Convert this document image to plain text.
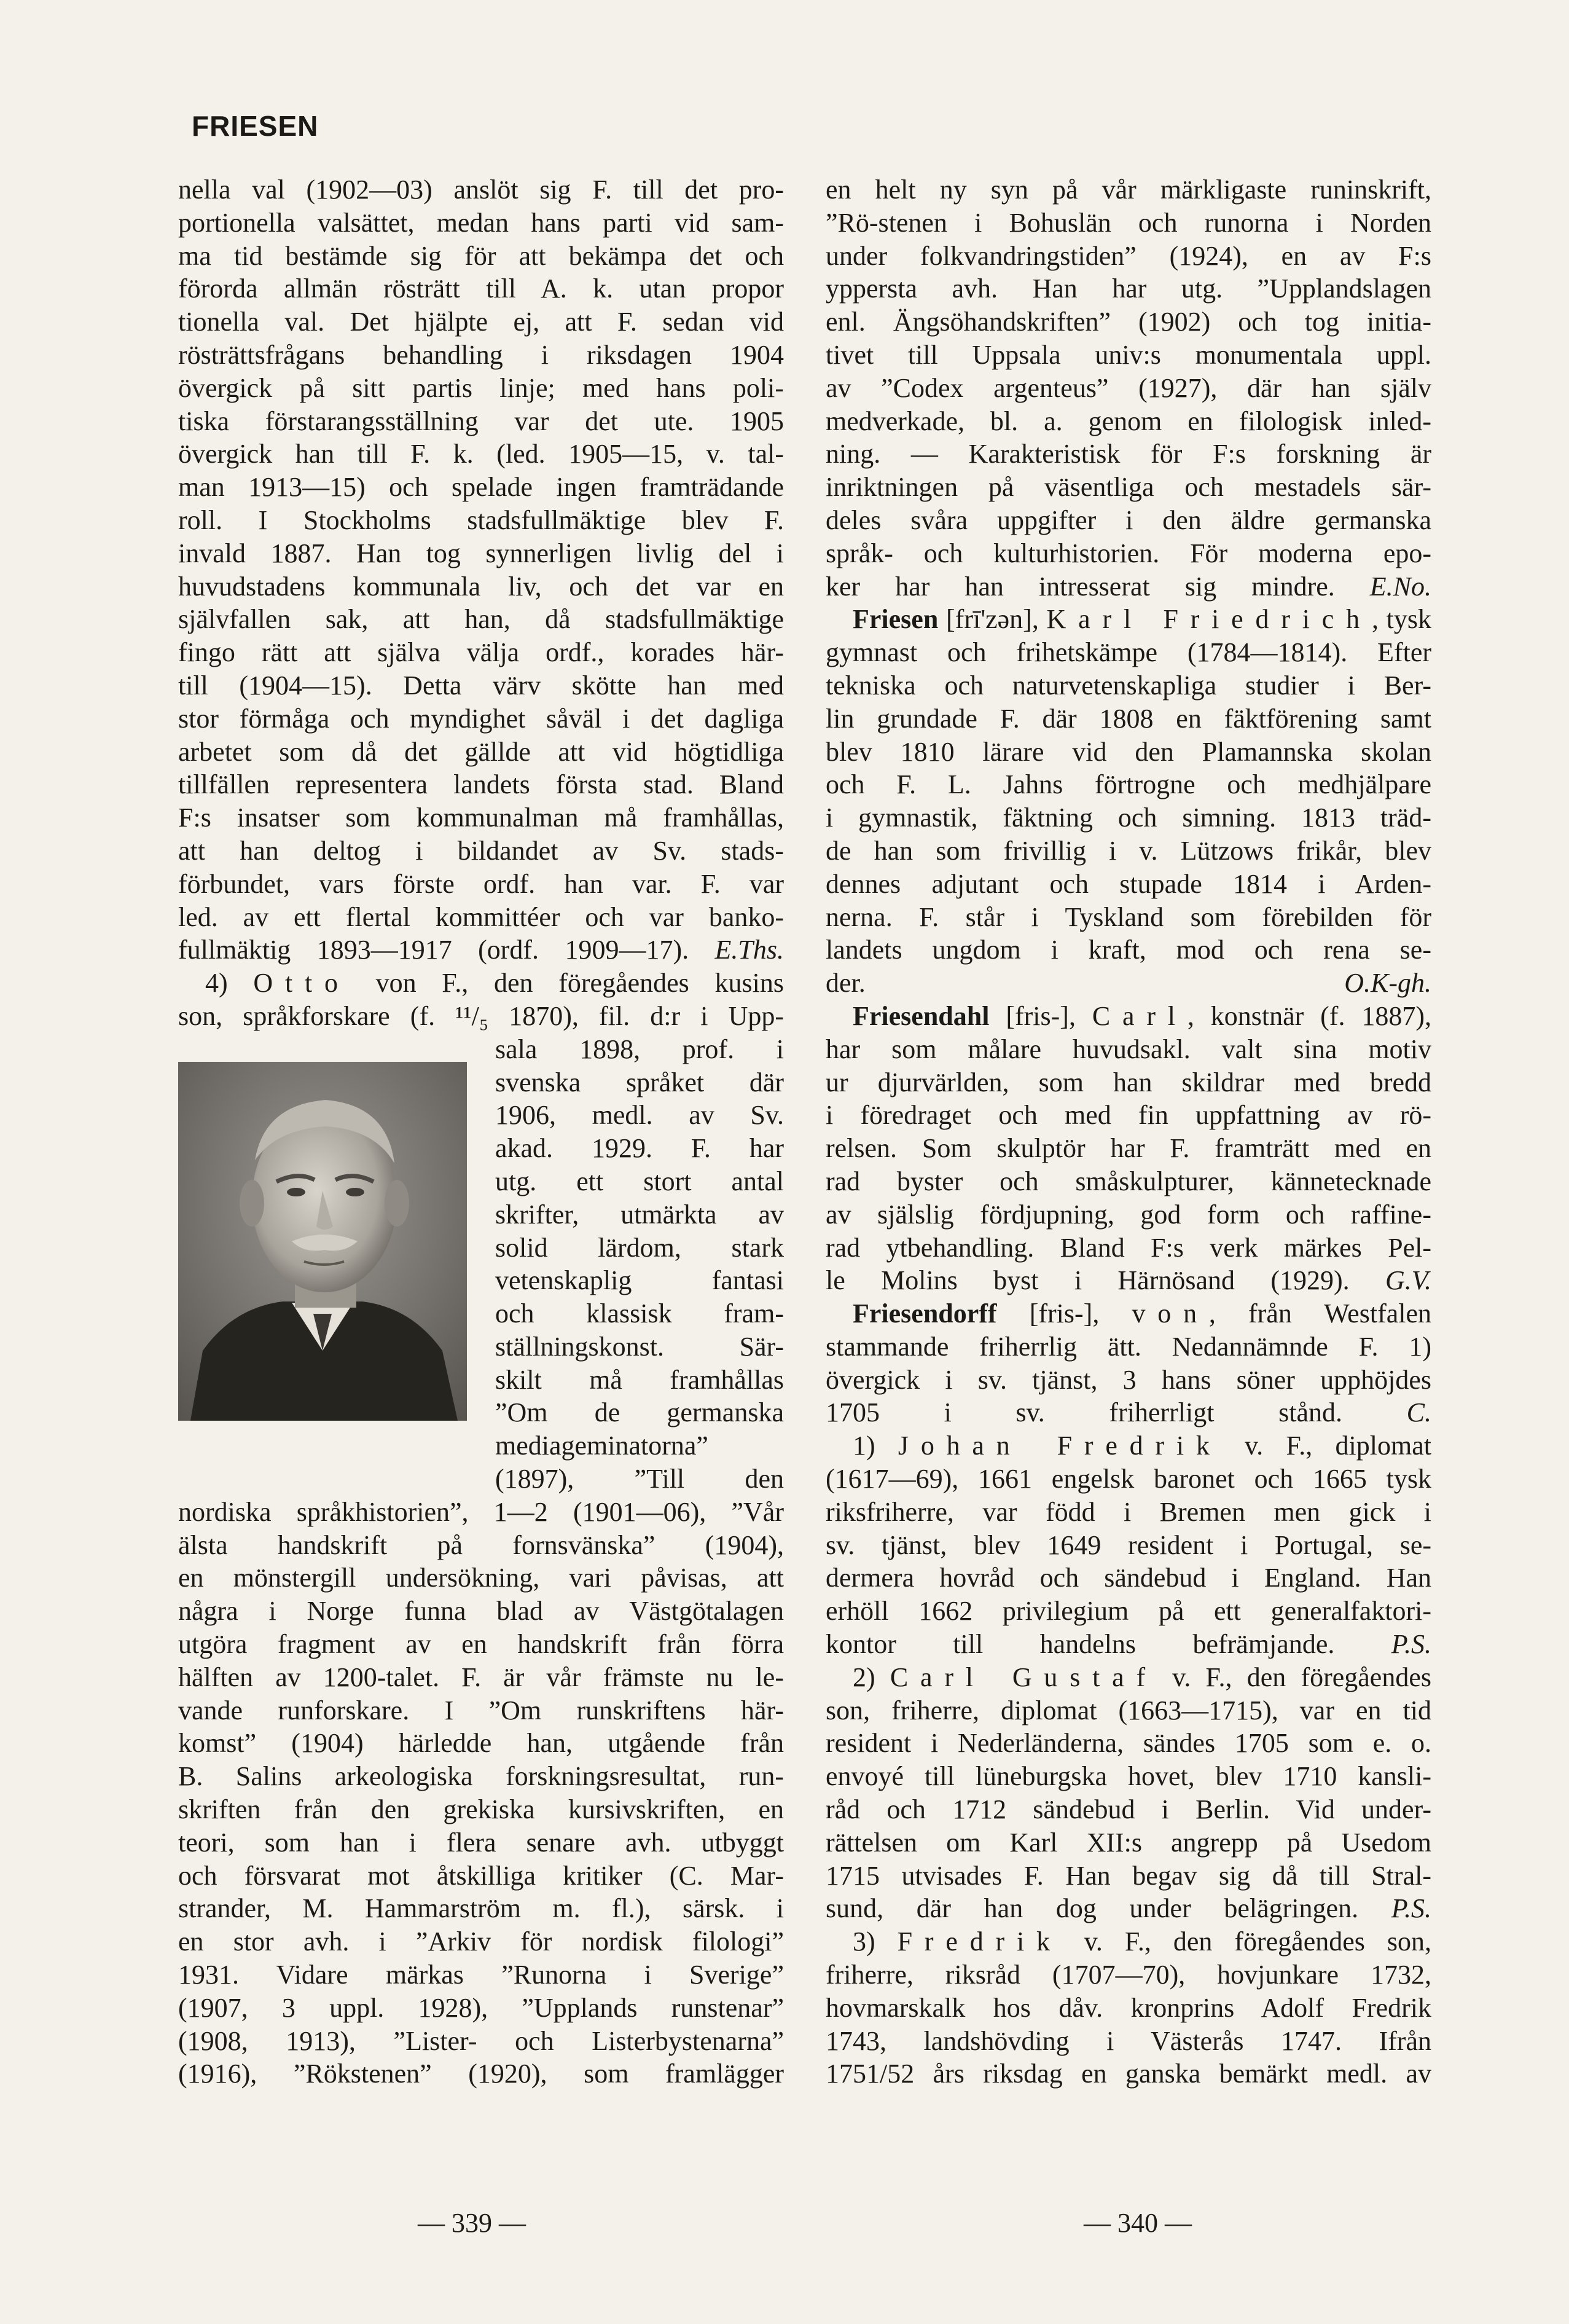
FRIESEN
nella val (1902—03) anslöt sig F. till det pro-
portionella valsättet, medan hans parti vid sam-
ma tid bestämde sig för att bekämpa det och
förorda allmän rösträtt till A. k. utan propor
tionella val. Det hjälpte ej, att F. sedan vid
rösträttsfrågans behandling i riksdagen 1904
övergick på sitt partis linje; med hans poli-
tiska förstarangsställning var det ute. 1905
övergick han till F. k. (led. 1905—15, v. tal-
man 1913—15) och spelade ingen framträdande
roll. I Stockholms stadsfullmäktige blev F.
invald 1887. Han tog synnerligen livlig del i
huvudstadens kommunala liv, och det var en
självfallen sak, att han, då stadsfullmäktige
fingo rätt att själva välja ordf., korades här-
till (1904—15). Detta värv skötte han med
stor förmåga och myndighet såväl i det dagliga
arbetet som då det gällde att vid högtidliga
tillfällen representera landets första stad. Bland
F:s insatser som kommunalman må framhållas,
att han deltog i bildandet av Sv. stads-
förbundet, vars förste ordf. han var. F. var
led. av ett flertal kommittéer och var banko-
fullmäktig 1893—1917 (ordf. 1909—17). E.Ths.
4) Otto von F., den föregåendes kusins
son, språkforskare (f. ¹¹/₅ 1870), fil. d:r i Upp-
sala 1898, prof. i
svenska språket där
1906, medl. av Sv.
akad. 1929. F. har
utg. ett stort antal
skrifter, utmärkta av
solid lärdom, stark
vetenskaplig fantasi
och klassisk fram-
ställningskonst. Sär-
skilt må framhållas
”Om de germanska
mediageminatorna”
(1897), ”Till den
nordiska språkhistorien”, 1—2 (1901—06), ”Vår
älsta handskrift på fornsvänska” (1904),
en mönstergill undersökning, vari påvisas, att
några i Norge funna blad av Västgötalagen
utgöra fragment av en handskrift från förra
hälften av 1200-talet. F. är vår främste nu le-
vande runforskare. I ”Om runskriftens här-
komst” (1904) härledde han, utgående från
B. Salins arkeologiska forskningsresultat, run-
skriften från den grekiska kursivskriften, en
teori, som han i flera senare avh. utbyggt
och försvarat mot åtskilliga kritiker (C. Mar-
strander, M. Hammarström m. fl.), särsk. i
en stor avh. i ”Arkiv för nordisk filologi”
1931. Vidare märkas ”Runorna i Sverige”
(1907, 3 uppl. 1928), ”Upplands runstenar”
(1908, 1913), ”Lister- och Listerbystenarna”
(1916), ”Rökstenen” (1920), som framlägger
en helt ny syn på vår märkligaste runinskrift,
”Rö-stenen i Bohuslän och runorna i Norden
under folkvandringstiden” (1924), en av F:s
yppersta avh. Han har utg. ”Upplandslagen
enl. Ängsöhandskriften” (1902) och tog initia-
tivet till Uppsala univ:s monumentala uppl.
av ”Codex argenteus” (1927), där han själv
medverkade, bl. a. genom en filologisk inled-
ning. — Karakteristisk för F:s forskning är
inriktningen på väsentliga och mestadels sär-
deles svåra uppgifter i den äldre germanska
språk- och kulturhistorien. För moderna epo-
ker har han intresserat sig mindre. E.No.
Friesen [frī'zən], Karl Friedrich, tysk
gymnast och frihetskämpe (1784—1814). Efter
tekniska och naturvetenskapliga studier i Ber-
lin grundade F. där 1808 en fäktförening samt
blev 1810 lärare vid den Plamannska skolan
och F. L. Jahns förtrogne och medhjälpare
i gymnastik, fäktning och simning. 1813 träd-
de han som frivillig i v. Lützows frikår, blev
dennes adjutant och stupade 1814 i Arden-
nerna. F. står i Tyskland som förebilden för
landets ungdom i kraft, mod och rena se-
der.	O.K-gh.
Friesendahl [fris-], Carl, konstnär (f. 1887),
har som målare huvudsakl. valt sina motiv
ur djurvärlden, som han skildrar med bredd
i föredraget och med fin uppfattning av rö-
relsen. Som skulptör har F. framträtt med en
rad byster och småskulpturer, kännetecknade
av själslig fördjupning, god form och raffine-
rad ytbehandling. Bland F:s verk märkes Pel-
le Molins byst i Härnösand (1929). G.V.
Friesendorff [fris-], von, från Westfalen
stammande friherrlig ätt. Nedannämnde F. 1)
övergick i sv. tjänst, 3 hans söner upphöjdes
1705 i sv. friherrligt stånd. C.
1) Johan Fredrik v. F., diplomat
(1617—69), 1661 engelsk baronet och 1665 tysk
riksfriherre, var född i Bremen men gick i
sv. tjänst, blev 1649 resident i Portugal, se-
dermera hovråd och sändebud i England. Han
erhöll 1662 privilegium på ett generalfaktori-
kontor till handelns befrämjande. P.S.
2) Carl Gustaf v. F., den föregåendes
son, friherre, diplomat (1663—1715), var en tid
resident i Nederländerna, sändes 1705 som e. o.
envoyé till lüneburgska hovet, blev 1710 kansli-
råd och 1712 sändebud i Berlin. Vid under-
rättelsen om Karl XII:s angrepp på Usedom
1715 utvisades F. Han begav sig då till Stral-
sund, där han dog under belägringen. P.S.
3) Fredrik v. F., den föregåendes son,
friherre, riksråd (1707—70), hovjunkare 1732,
hovmarskalk hos dåv. kronprins Adolf Fredrik
1743, landshövding i Västerås 1747. Ifrån
1751/52 års riksdag en ganska bemärkt medl. av
— 339 —	— 340 —
